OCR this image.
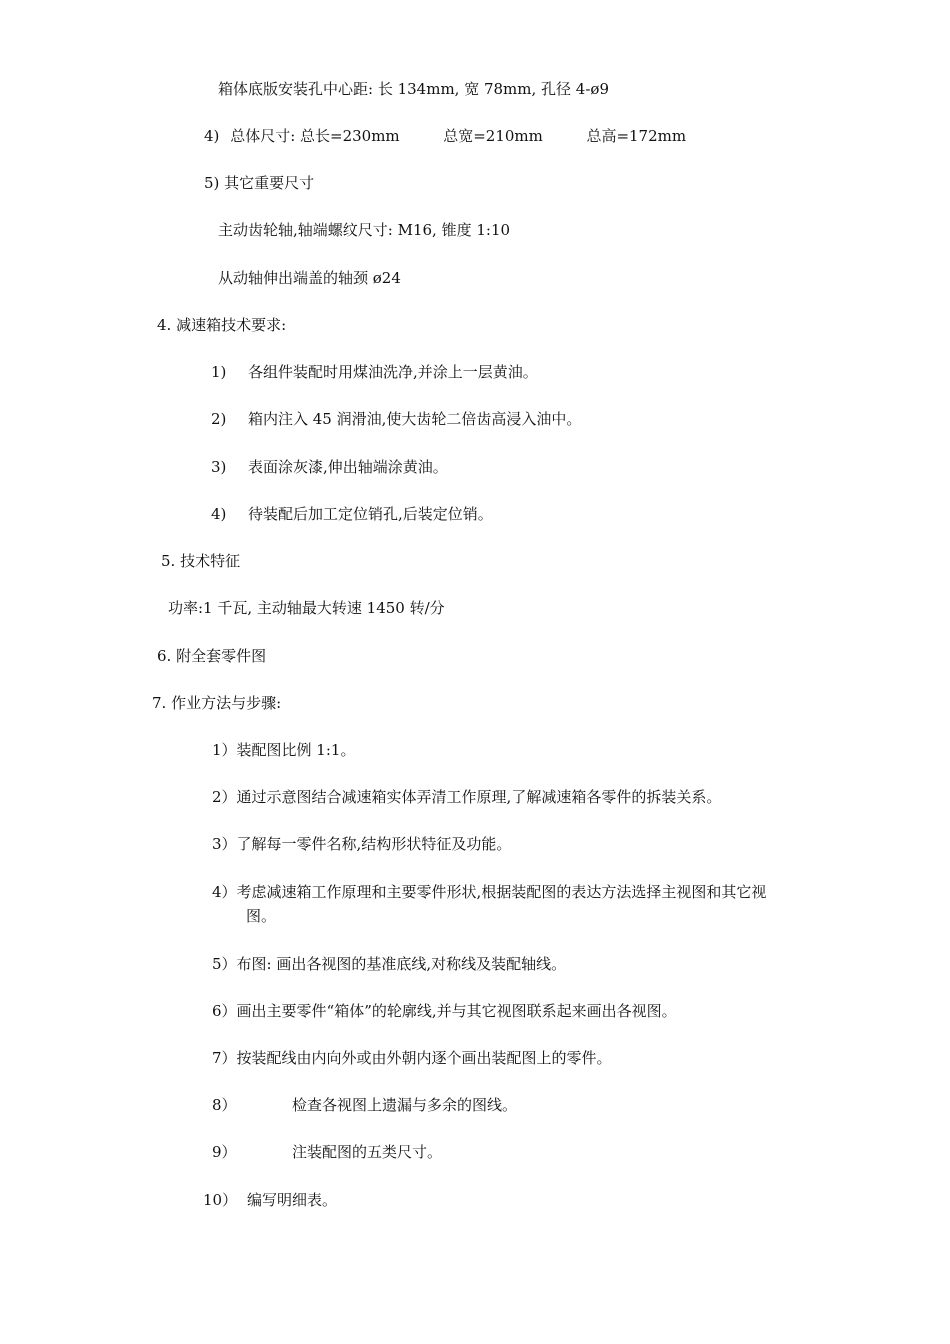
箱体底版安装孔中心距: 长 134mm, 宽 78mm, 孔径 4-ø9
4) 总体尺寸: 总长=230mm	总宽=210mm	总高=172mm
5) 其它重要尺寸
主动齿轮轴,轴端螺纹尺寸: M16, 锥度 1:10
从动轴伸出端盖的轴颈 ø24
4. 减速箱技术要求:
1) 各组件装配时用煤油洗净,并涂上一层黄油。
2) 箱内注入 45 润滑油,使大齿轮二倍齿高浸入油中。
3) 表面涂灰漆,伸出轴端涂黄油。
4) 待装配后加工定位销孔,后装定位销。
5. 技术特征
功率:1 千瓦, 主动轴最大转速 1450 转/分
6. 附全套零件图
7. 作业方法与步骤:
1）装配图比例 1:1。
2）通过示意图结合减速箱实体弄清工作原理,了解减速箱各零件的拆装关系。
3）了解每一零件名称,结构形状特征及功能。
4）考虑减速箱工作原理和主要零件形状,根据装配图的表达方法选择主视图和其它视
图。
5）布图: 画出各视图的基准底线,对称线及装配轴线。
6）画出主要零件“箱体”的轮廓线,并与其它视图联系起来画出各视图。
7）按装配线由内向外或由外朝内逐个画出装配图上的零件。
8）	检查各视图上遗漏与多余的图线。
9）	注装配图的五类尺寸。
10） 编写明细表。
